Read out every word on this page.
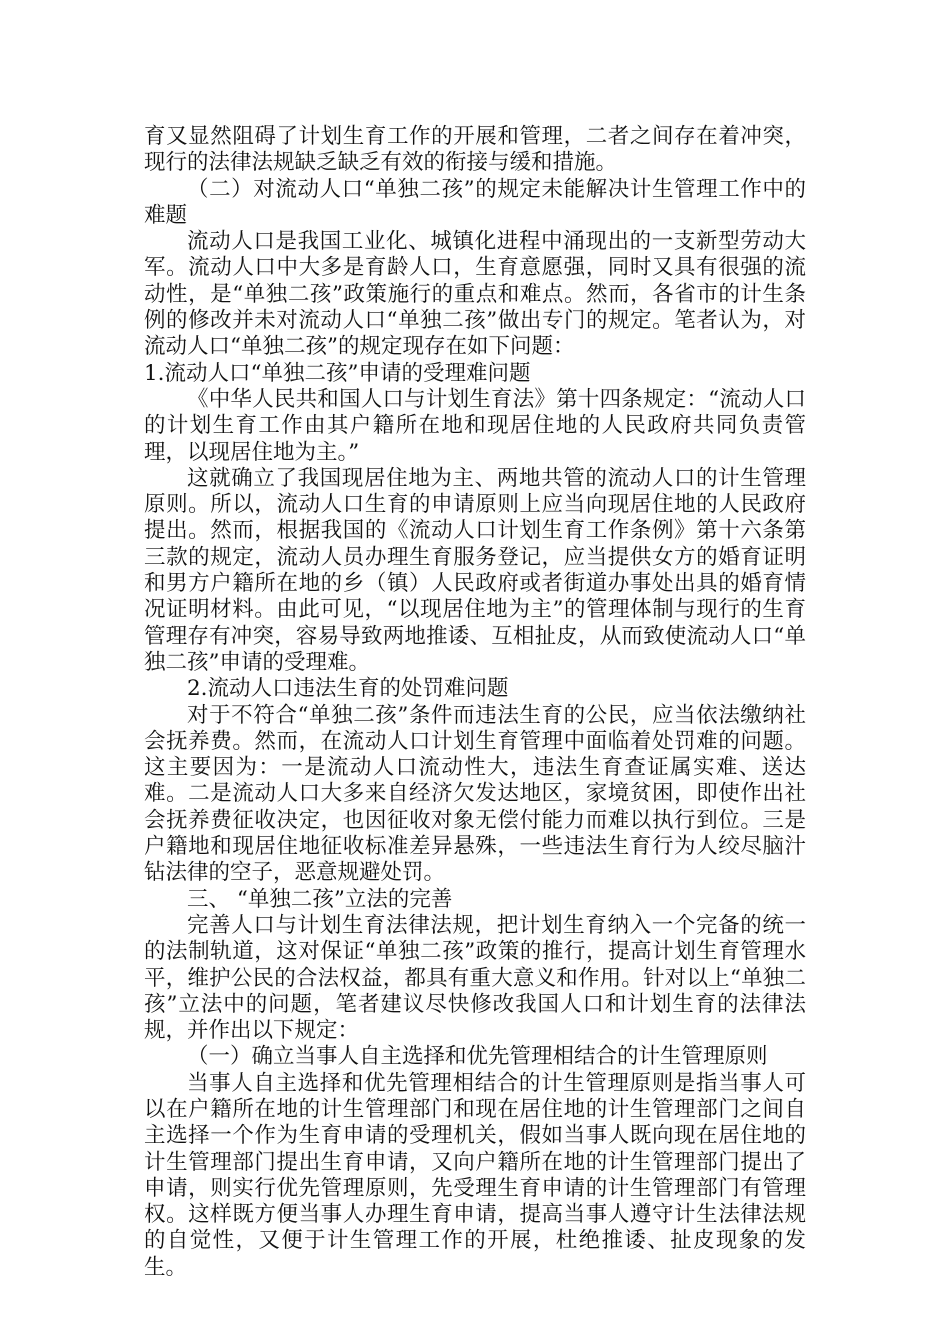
育又显然阻碍了计划生育工作的开展和管理，二者之间存在着冲突，现行的法律法规缺乏缺乏有效的衔接与缓和措施。

（二）对流动人口“单独二孩”的规定未能解决计生管理工作中的难题

流动人口是我国工业化、城镇化进程中涌现出的一支新型劳动大军。流动人口中大多是育龄人口，生育意愿强，同时又具有很强的流动性，是“单独二孩”政策施行的重点和难点。然而，各省市的计生条例的修改并未对流动人口“单独二孩”做出专门的规定。笔者认为，对流动人口“单独二孩”的规定现存在如下问题：

1.流动人口“单独二孩”申请的受理难问题

《中华人民共和国人口与计划生育法》第十四条规定：“流动人口的计划生育工作由其户籍所在地和现居住地的人民政府共同负责管理，以现居住地为主。”

这就确立了我国现居住地为主、两地共管的流动人口的计生管理原则。所以，流动人口生育的申请原则上应当向现居住地的人民政府提出。然而，根据我国的《流动人口计划生育工作条例》第十六条第三款的规定，流动人员办理生育服务登记，应当提供女方的婚育证明和男方户籍所在地的乡（镇）人民政府或者街道办事处出具的婚育情况证明材料。由此可见，“以现居住地为主”的管理体制与现行的生育管理存有冲突，容易导致两地推诿、互相扯皮，从而致使流动人口“单独二孩”申请的受理难。

2.流动人口违法生育的处罚难问题

对于不符合“单独二孩”条件而违法生育的公民，应当依法缴纳社会抚养费。然而，在流动人口计划生育管理中面临着处罚难的问题。这主要因为：一是流动人口流动性大，违法生育查证属实难、送达难。二是流动人口大多来自经济欠发达地区，家境贫困，即使作出社会抚养费征收决定，也因征收对象无偿付能力而难以执行到位。三是户籍地和现居住地征收标准差异悬殊，一些违法生育行为人绞尽脑汁钻法律的空子，恶意规避处罚。

三、 “单独二孩”立法的完善

完善人口与计划生育法律法规，把计划生育纳入一个完备的统一的法制轨道，这对保证“单独二孩”政策的推行，提高计划生育管理水平，维护公民的合法权益，都具有重大意义和作用。针对以上“单独二孩”立法中的问题，笔者建议尽快修改我国人口和计划生育的法律法规，并作出以下规定：

（一）确立当事人自主选择和优先管理相结合的计生管理原则

当事人自主选择和优先管理相结合的计生管理原则是指当事人可以在户籍所在地的计生管理部门和现在居住地的计生管理部门之间自主选择一个作为生育申请的受理机关，假如当事人既向现在居住地的计生管理部门提出生育申请，又向户籍所在地的计生管理部门提出了申请，则实行优先管理原则，先受理生育申请的计生管理部门有管理权。这样既方便当事人办理生育申请，提高当事人遵守计生法律法规的自觉性，又便于计生管理工作的开展，杜绝推诿、扯皮现象的发生。
